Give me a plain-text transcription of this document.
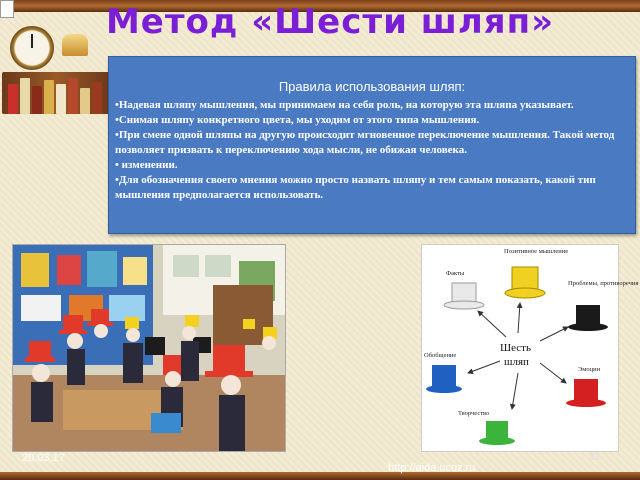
Метод «Шести шляп»
Правила использования шляп:
• Надевая шляпу мышления, мы принимаем на себя роль, на которую эта шляпа указывает.
• Снимая шляпу конкретного цвета, мы уходим от этого типа мышления.
• При смене одной шляпы на другую происходит мгновенное переключение мышления. Такой метод позволяет призвать к переключению хода мысли, не обижая человека.
• изменении.
• Для обозначения своего мнения можно просто назвать шляпу и тем самым показать, какой тип мышления предполагается использовать.
Шесть
шляп
Факты
Позитивное мышление
Проблемы, противоречия
Эмоции
Творчество
Обобщение
20.03.17	31
http://aida.ucoz.ru
